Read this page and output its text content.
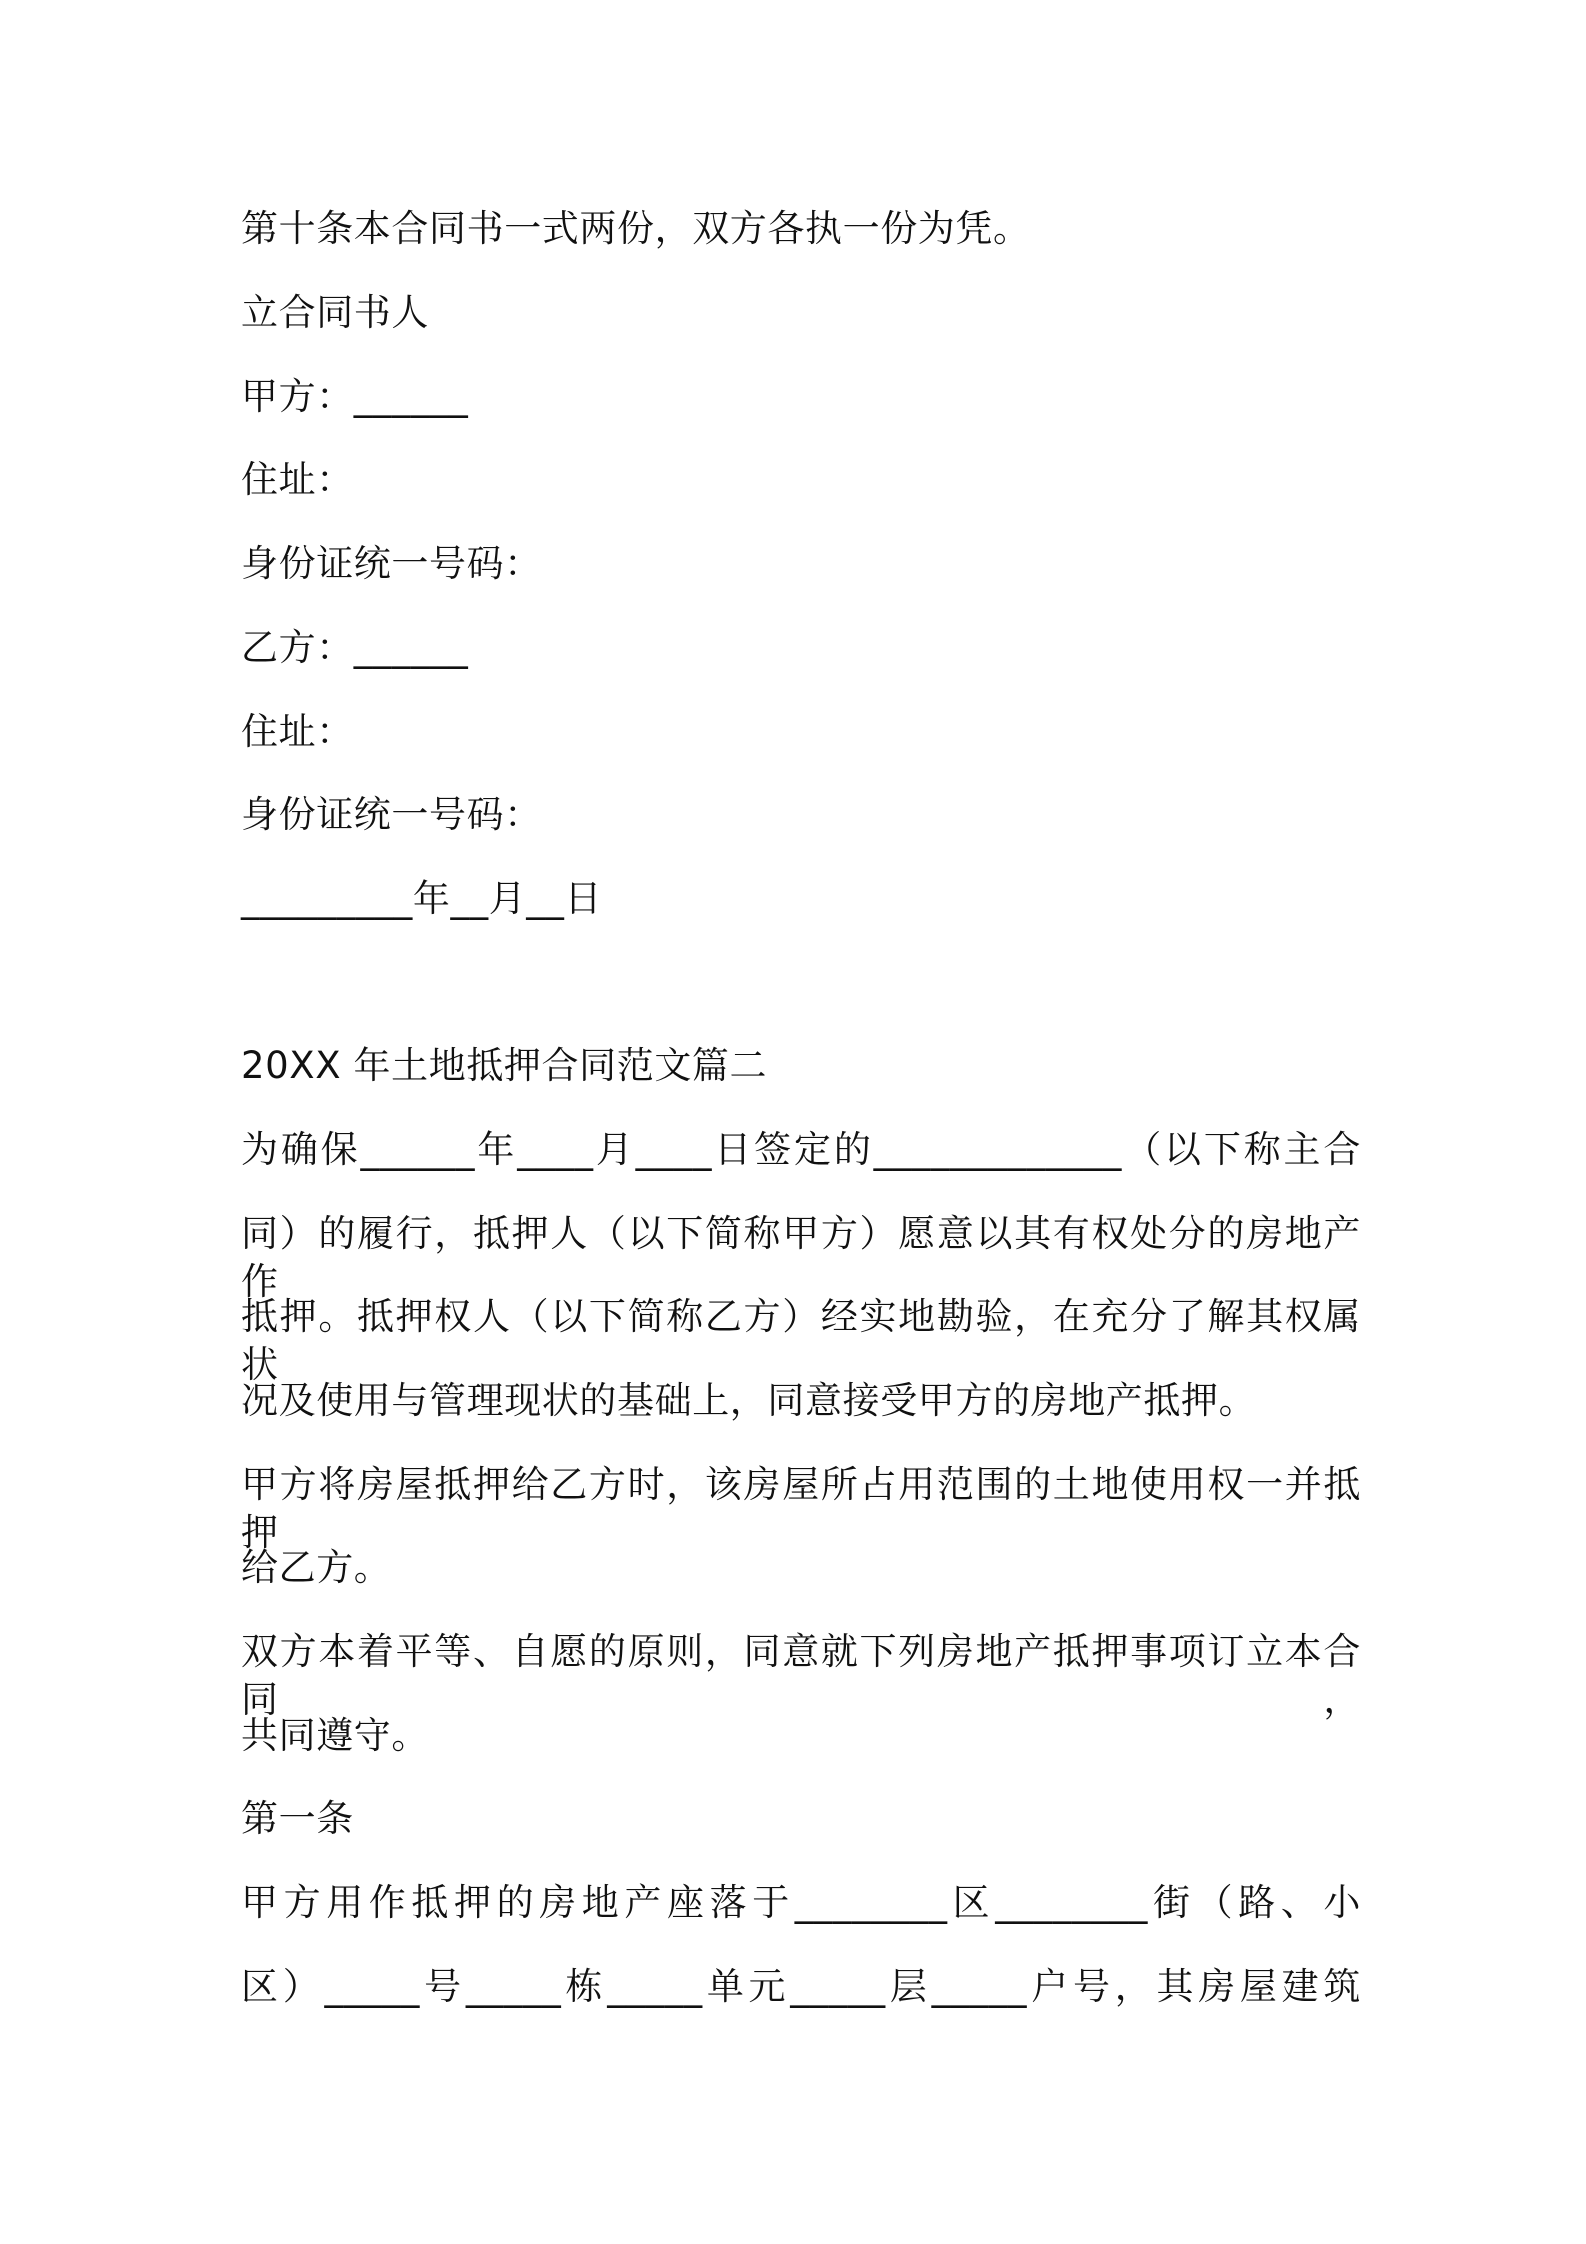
第十条本合同书一式两份，双方各执一份为凭。
立合同书人
甲方：______
住址：
身份证统一号码：
乙方：______
住址：
身份证统一号码：
_________年__月__日
20XX 年土地抵押合同范文篇二
为确保______年____月____日签定的_____________（以下称主合
同）的履行，抵押人（以下简称甲方）愿意以其有权处分的房地产作
抵押。抵押权人（以下简称乙方）经实地勘验，在充分了解其权属状
况及使用与管理现状的基础上，同意接受甲方的房地产抵押。
甲方将房屋抵押给乙方时，该房屋所占用范围的土地使用权一并抵押
给乙方。
双方本着平等、自愿的原则，同意就下列房地产抵押事项订立本合同，
共同遵守。
第一条
甲方用作抵押的房地产座落于________区________街（路、小
区）_____号_____栋_____单元_____层_____户号，其房屋建筑
